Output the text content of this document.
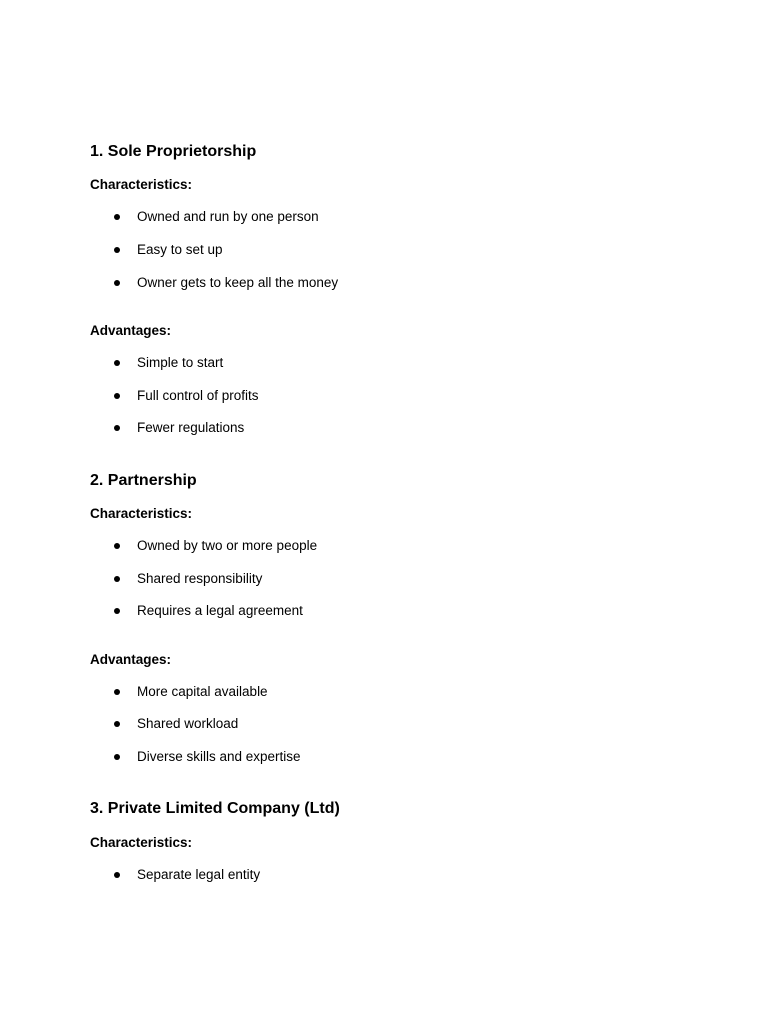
1. Sole Proprietorship
Characteristics:
Owned and run by one person
Easy to set up
Owner gets to keep all the money
Advantages:
Simple to start
Full control of profits
Fewer regulations
2. Partnership
Characteristics:
Owned by two or more people
Shared responsibility
Requires a legal agreement
Advantages:
More capital available
Shared workload
Diverse skills and expertise
3. Private Limited Company (Ltd)
Characteristics:
Separate legal entity
